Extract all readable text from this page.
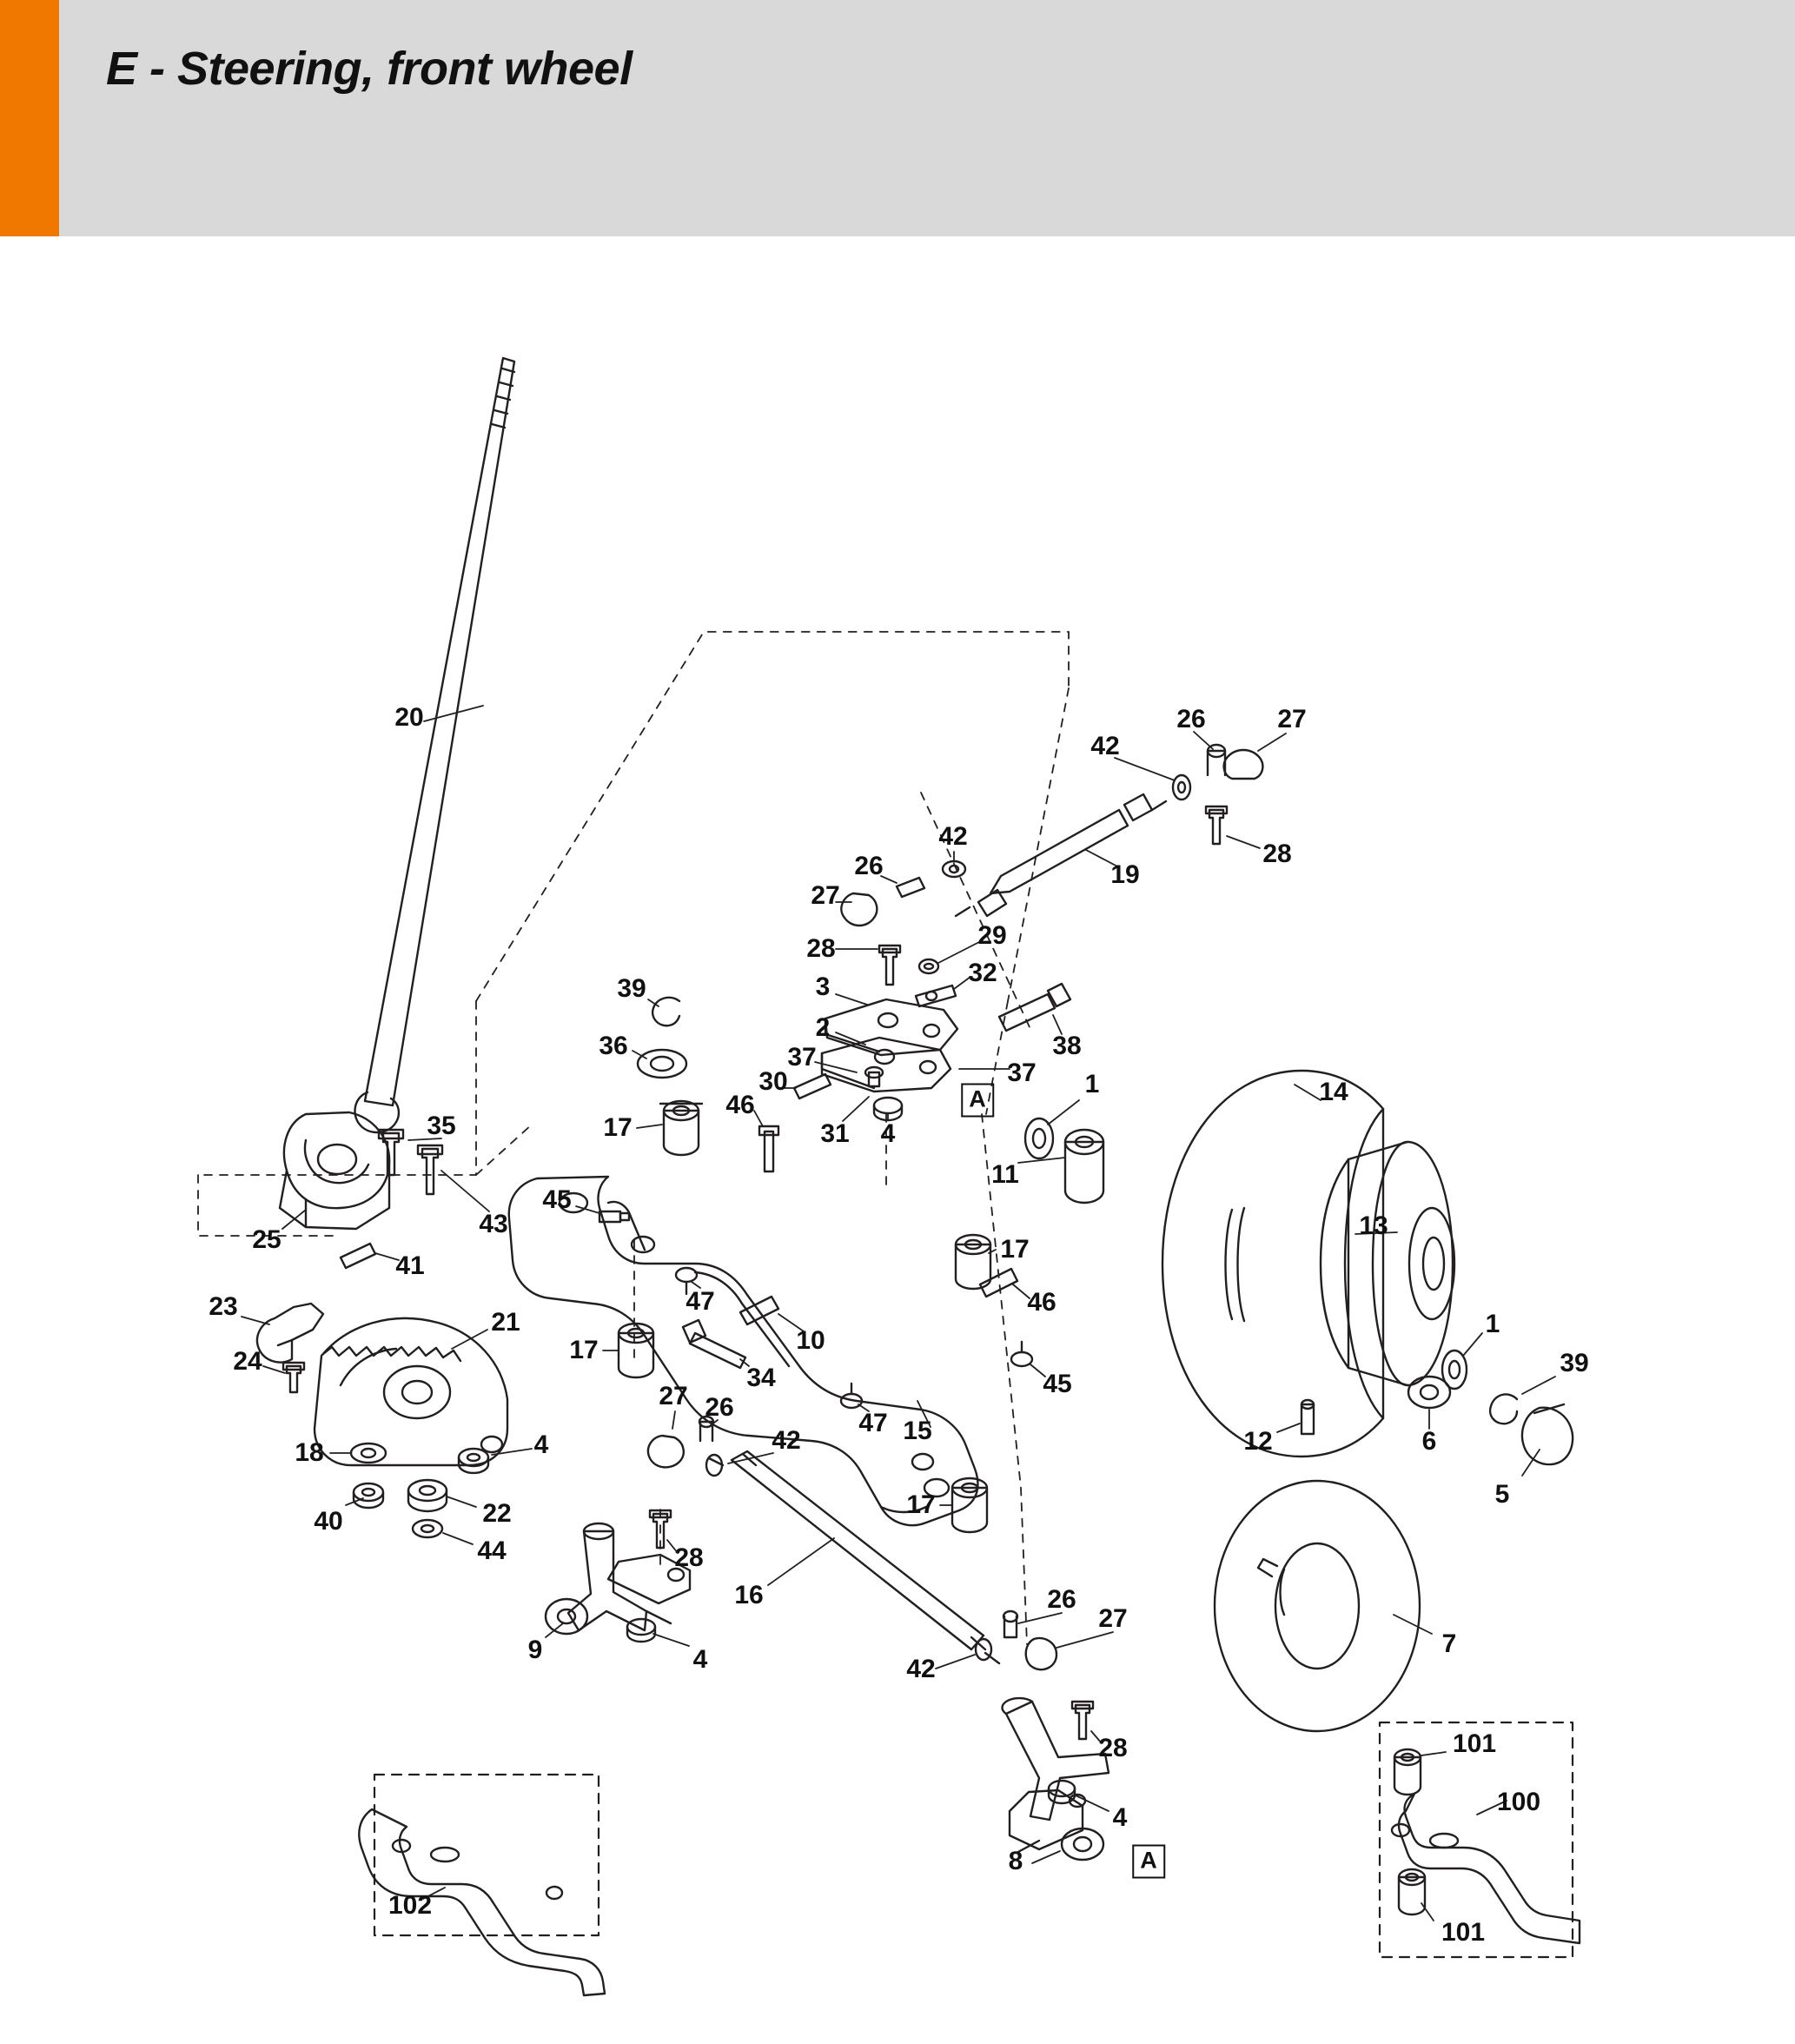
E - Steering, front wheel
20
42
26	27
28
19
42
26
27
28	29
32
3
2
38
37
37
39
36
30
A
1	14
4
17
46
31
11
13
45
35
43
25
41
17
23	47
21	1
39
24	17	10
46
34	45
27 26
47 15	12	6
5
18	4	42
40	22
44
17
28
16
7
26
27
9	4	42
28	101
100
4
8	A
102
101
